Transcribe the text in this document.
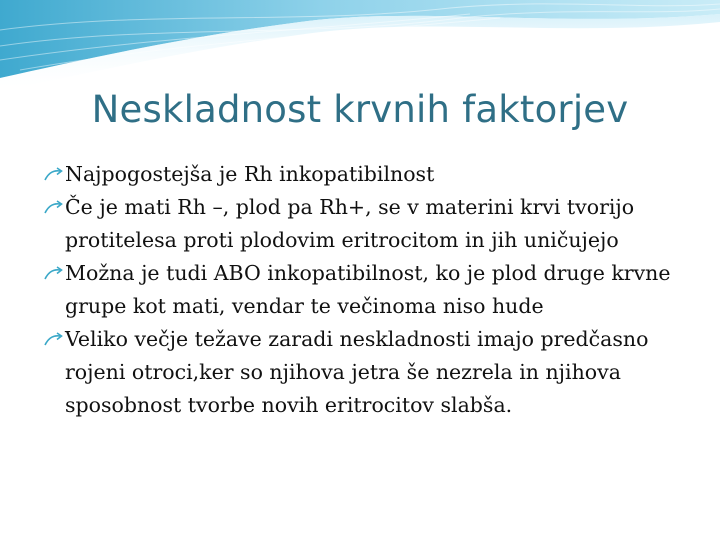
Neskladnost krvnih faktorjev
Najpogostejša je Rh inkopatibilnost
Če je mati Rh –, plod pa Rh+, se v materini krvi tvorijo protitelesa proti plodovim eritrocitom in jih uničujejo
Možna je tudi ABO inkopatibilnost, ko je plod druge krvne grupe kot mati, vendar te večinoma niso hude
Veliko večje težave zaradi neskladnosti imajo predčasno rojeni otroci,ker so njihova jetra še nezrela in njihova sposobnost tvorbe novih eritrocitov slabša.
